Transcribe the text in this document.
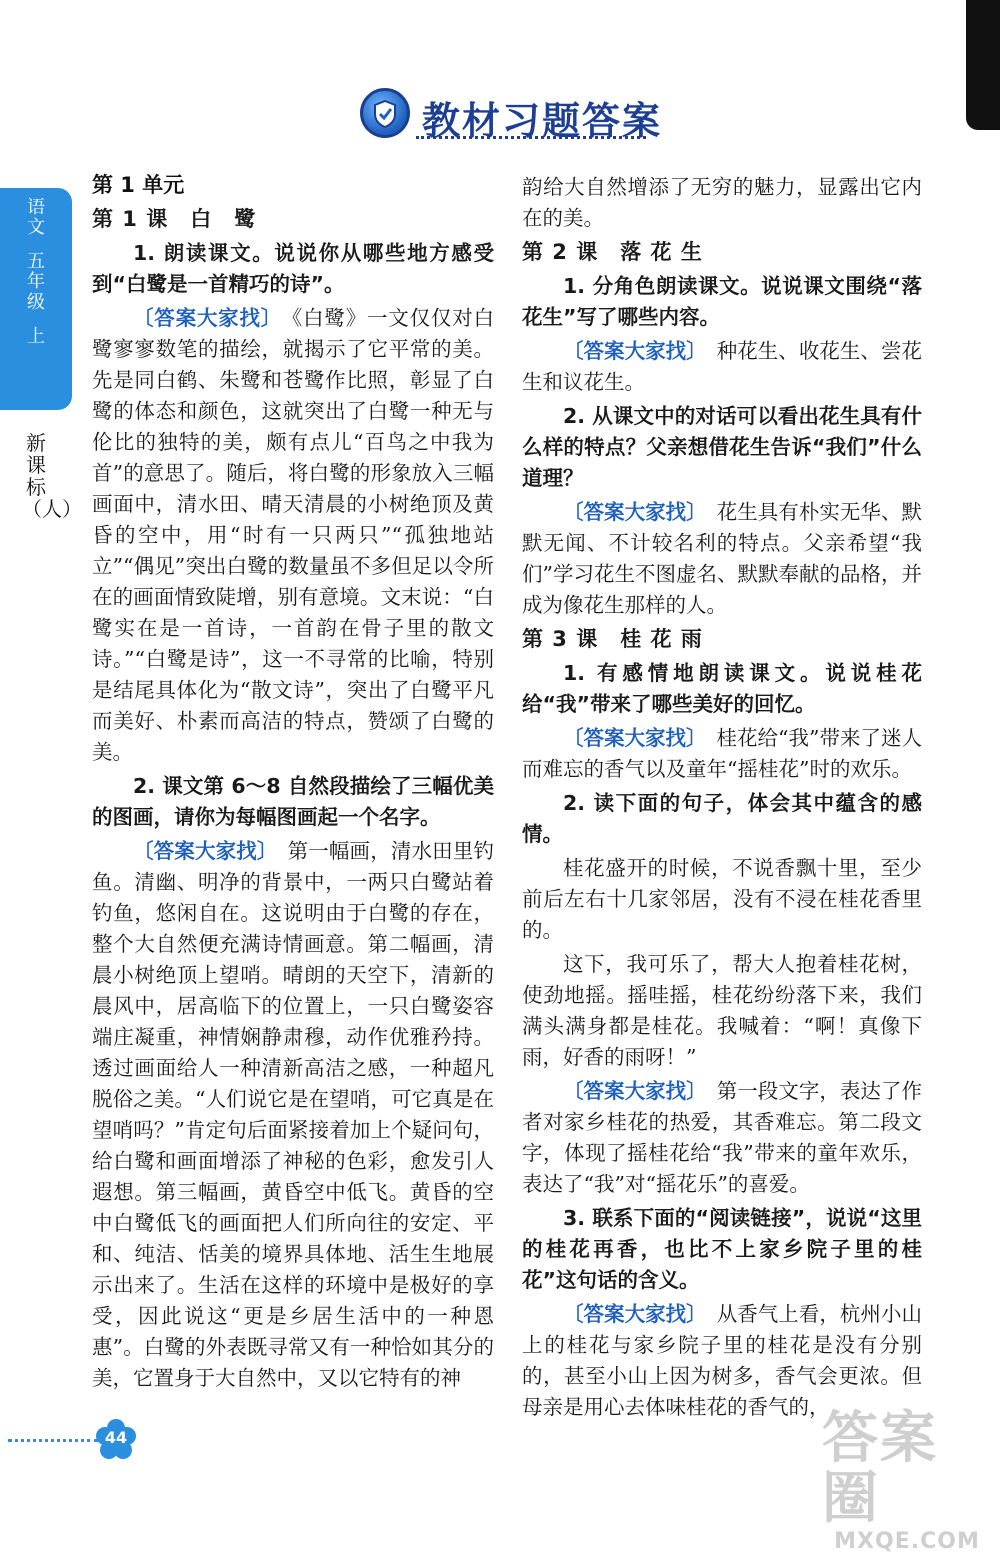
教材习题答案
语文
五年级
上
新课标（人）

第 1 单元

第 1 课　白　鹭

1. 朗读课文。说说你从哪些地方感受到“白鹭是一首精巧的诗”。

〔答案大家找〕 《白鹭》一文仅仅对白鹭寥寥数笔的描绘，就揭示了它平常的美。先是同白鹤、朱鹭和苍鹭作比照，彰显了白鹭的体态和颜色，这就突出了白鹭一种无与伦比的独特的美，颇有点儿“百鸟之中我为首”的意思了。随后，将白鹭的形象放入三幅画面中，清水田、晴天清晨的小树绝顶及黄昏的空中，用“时有一只两只”“孤独地站立”“偶见”突出白鹭的数量虽不多但足以令所在的画面情致陡增，别有意境。文末说：“白鹭实在是一首诗，一首韵在骨子里的散文诗。”“白鹭是诗”，这一不寻常的比喻，特别是结尾具体化为“散文诗”，突出了白鹭平凡而美好、朴素而高洁的特点，赞颂了白鹭的美。

2. 课文第 6～8 自然段描绘了三幅优美的图画，请你为每幅图画起一个名字。

〔答案大家找〕 第一幅画，清水田里钓鱼。清幽、明净的背景中，一两只白鹭站着钓鱼，悠闲自在。这说明由于白鹭的存在，整个大自然便充满诗情画意。第二幅画，清晨小树绝顶上望哨。晴朗的天空下，清新的晨风中，居高临下的位置上，一只白鹭姿容端庄凝重，神情娴静肃穆，动作优雅矜持。透过画面给人一种清新高洁之感，一种超凡脱俗之美。“人们说它是在望哨，可它真是在望哨吗？”肯定句后面紧接着加上个疑问句，给白鹭和画面增添了神秘的色彩，愈发引人遐想。第三幅画，黄昏空中低飞。黄昏的空中白鹭低飞的画面把人们所向往的安定、平和、纯洁、恬美的境界具体地、活生生地展示出来了。生活在这样的环境中是极好的享受，因此说这“更是乡居生活中的一种恩惠”。白鹭的外表既寻常又有一种恰如其分的美，它置身于大自然中，又以它特有的神

韵给大自然增添了无穷的魅力，显露出它内在的美。

第 2 课　落 花 生

1. 分角色朗读课文。说说课文围绕“落花生”写了哪些内容。

〔答案大家找〕 种花生、收花生、尝花生和议花生。

2. 从课文中的对话可以看出花生具有什么样的特点？父亲想借花生告诉“我们”什么道理？

〔答案大家找〕 花生具有朴实无华、默默无闻、不计较名利的特点。父亲希望“我们”学习花生不图虚名、默默奉献的品格，并成为像花生那样的人。

第 3 课　桂 花 雨

1. 有感情地朗读课文。说说桂花给“我”带来了哪些美好的回忆。

〔答案大家找〕 桂花给“我”带来了迷人而难忘的香气以及童年“摇桂花”时的欢乐。

2. 读下面的句子，体会其中蕴含的感情。

桂花盛开的时候，不说香飘十里，至少前后左右十几家邻居，没有不浸在桂花香里的。

这下，我可乐了，帮大人抱着桂花树，使劲地摇。摇哇摇，桂花纷纷落下来，我们满头满身都是桂花。我喊着：“啊！真像下雨，好香的雨呀！”

〔答案大家找〕 第一段文字，表达了作者对家乡桂花的热爱，其香难忘。第二段文字，体现了摇桂花给“我”带来的童年欢乐，表达了“我”对“摇花乐”的喜爱。

3. 联系下面的“阅读链接”，说说“这里的桂花再香，也比不上家乡院子里的桂花”这句话的含义。

〔答案大家找〕 从香气上看，杭州小山上的桂花与家乡院子里的桂花是没有分别的，甚至小山上因为树多，香气会更浓。但母亲是用心去体味桂花的香气的，

44	答案圈
MXQE.COM
